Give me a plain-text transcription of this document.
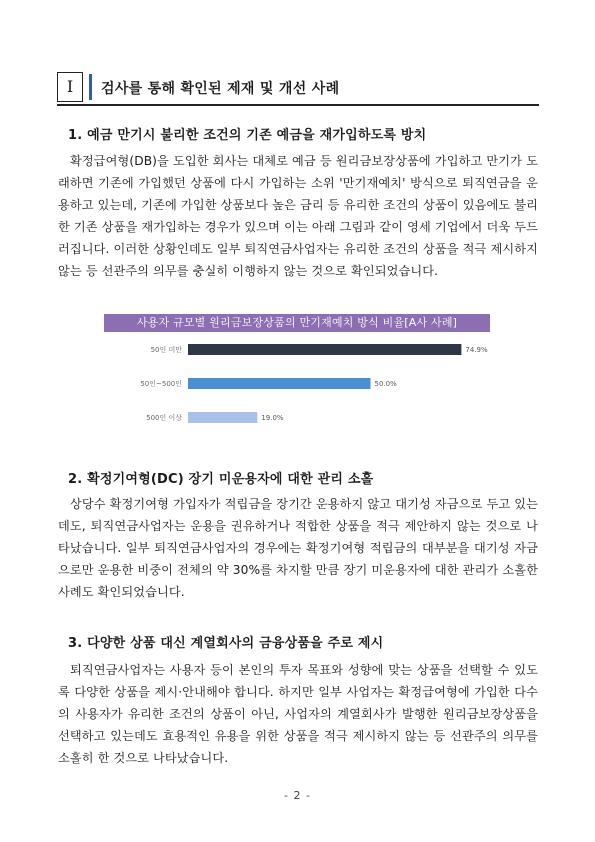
Ⅰ	검사를 통해 확인된 제재 및 개선 사례
1. 예금 만기시 불리한 조건의 기존 예금을 재가입하도록 방치
확정급여형(DB)을 도입한 회사는 대체로 예금 등 원리금보장상품에 가입하고 만기가 도래하면 기존에 가입했던 상품에 다시 가입하는 소위 '만기재예치' 방식으로 퇴직연금을 운용하고 있는데, 기존에 가입한 상품보다 높은 금리 등 유리한 조건의 상품이 있음에도 불리한 기존 상품을 재가입하는 경우가 있으며 이는 아래 그림과 같이 영세 기업에서 더욱 두드러집니다. 이러한 상황인데도 일부 퇴직연금사업자는 유리한 조건의 상품을 적극 제시하지 않는 등 선관주의 의무를 충실히 이행하지 않는 것으로 확인되었습니다.
사용자 규모별 원리금보장상품의 만기재예치 방식 비율[A사 사례]
50인 미만	74.9%
50인~500인	50.0%
500인 이상	19.0%
2. 확정기여형(DC) 장기 미운용자에 대한 관리 소홀
상당수 확정기여형 가입자가 적립금을 장기간 운용하지 않고 대기성 자금으로 두고 있는데도, 퇴직연금사업자는 운용을 권유하거나 적합한 상품을 적극 제안하지 않는 것으로 나타났습니다. 일부 퇴직연금사업자의 경우에는 확정기여형 적립금의 대부분을 대기성 자금으로만 운용한 비중이 전체의 약 30%를 차지할 만큼 장기 미운용자에 대한 관리가 소홀한 사례도 확인되었습니다.
3. 다양한 상품 대신 계열회사의 금융상품을 주로 제시
퇴직연금사업자는 사용자 등이 본인의 투자 목표와 성향에 맞는 상품을 선택할 수 있도록 다양한 상품을 제시·안내해야 합니다. 하지만 일부 사업자는 확정급여형에 가입한 다수의 사용자가 유리한 조건의 상품이 아닌, 사업자의 계열회사가 발행한 원리금보장상품을 선택하고 있는데도 효용적인 유용을 위한 상품을 적극 제시하지 않는 등 선관주의 의무를 소홀히 한 것으로 나타났습니다.
- 2 -
